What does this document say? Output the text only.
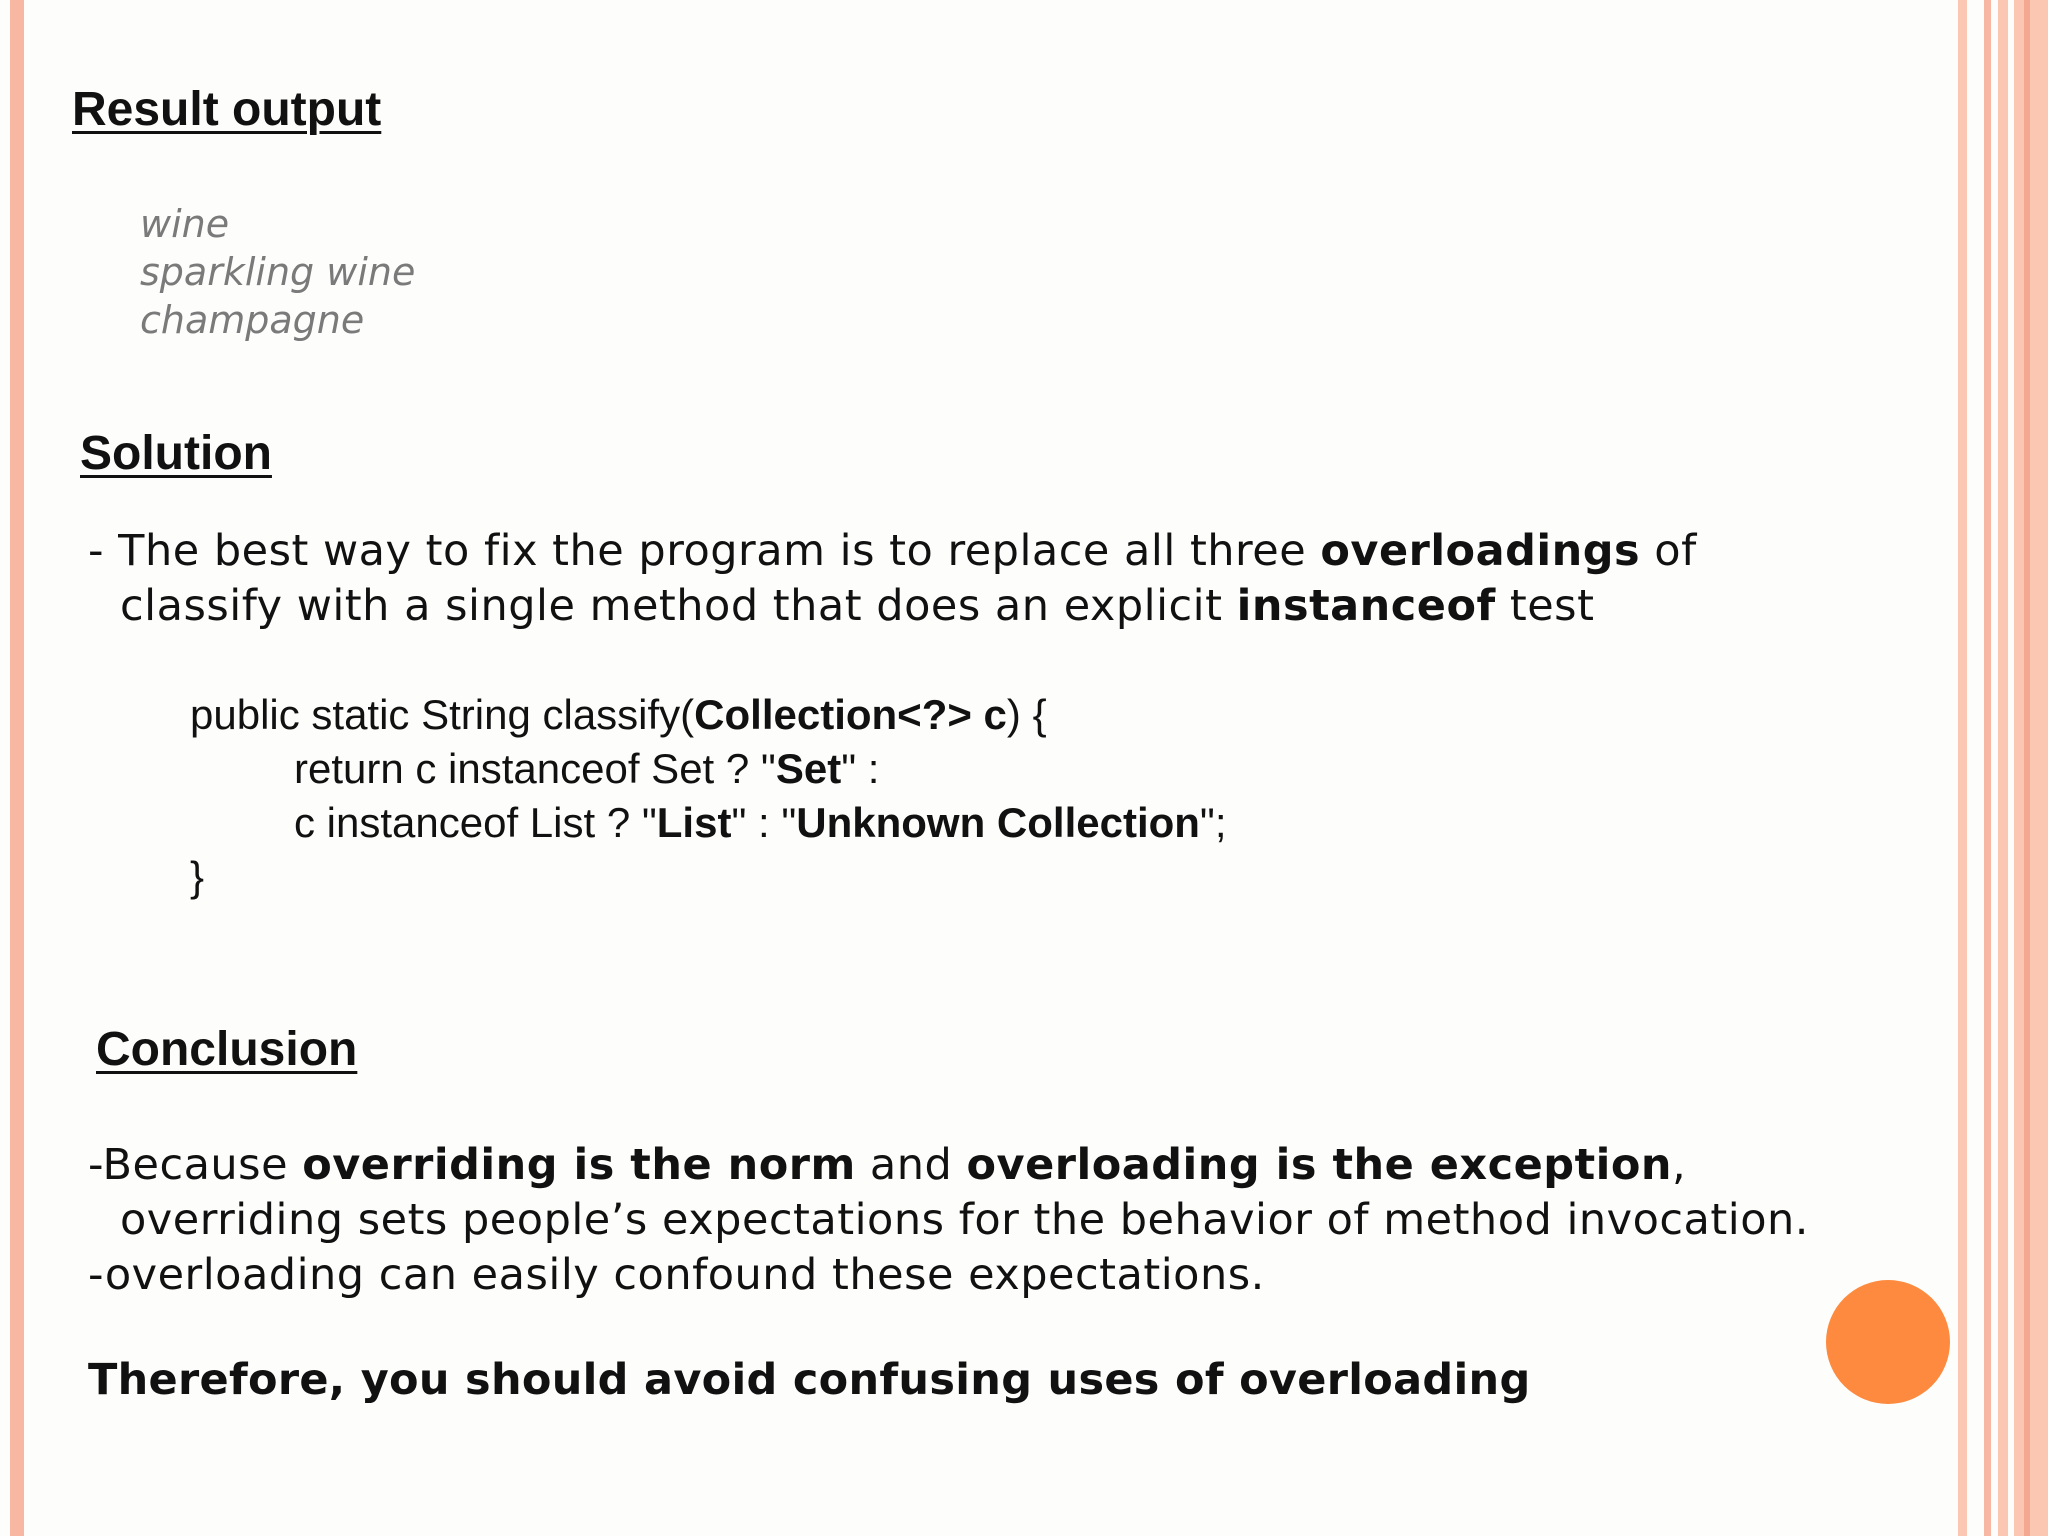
Result output
wine
sparkling wine
champagne
Solution
- The best way to fix the program is to replace all three overloadings of
classify with a single method that does an explicit instanceof test
public static String classify(Collection<?> c) {
return c instanceof Set ? "Set" :
c instanceof List ? "List" : "Unknown Collection";
}
Conclusion
-Because overriding is the norm and overloading is the exception,
overriding sets people’s expectations for the behavior of method invocation.
-overloading can easily confound these expectations.
Therefore, you should avoid confusing uses of overloading
